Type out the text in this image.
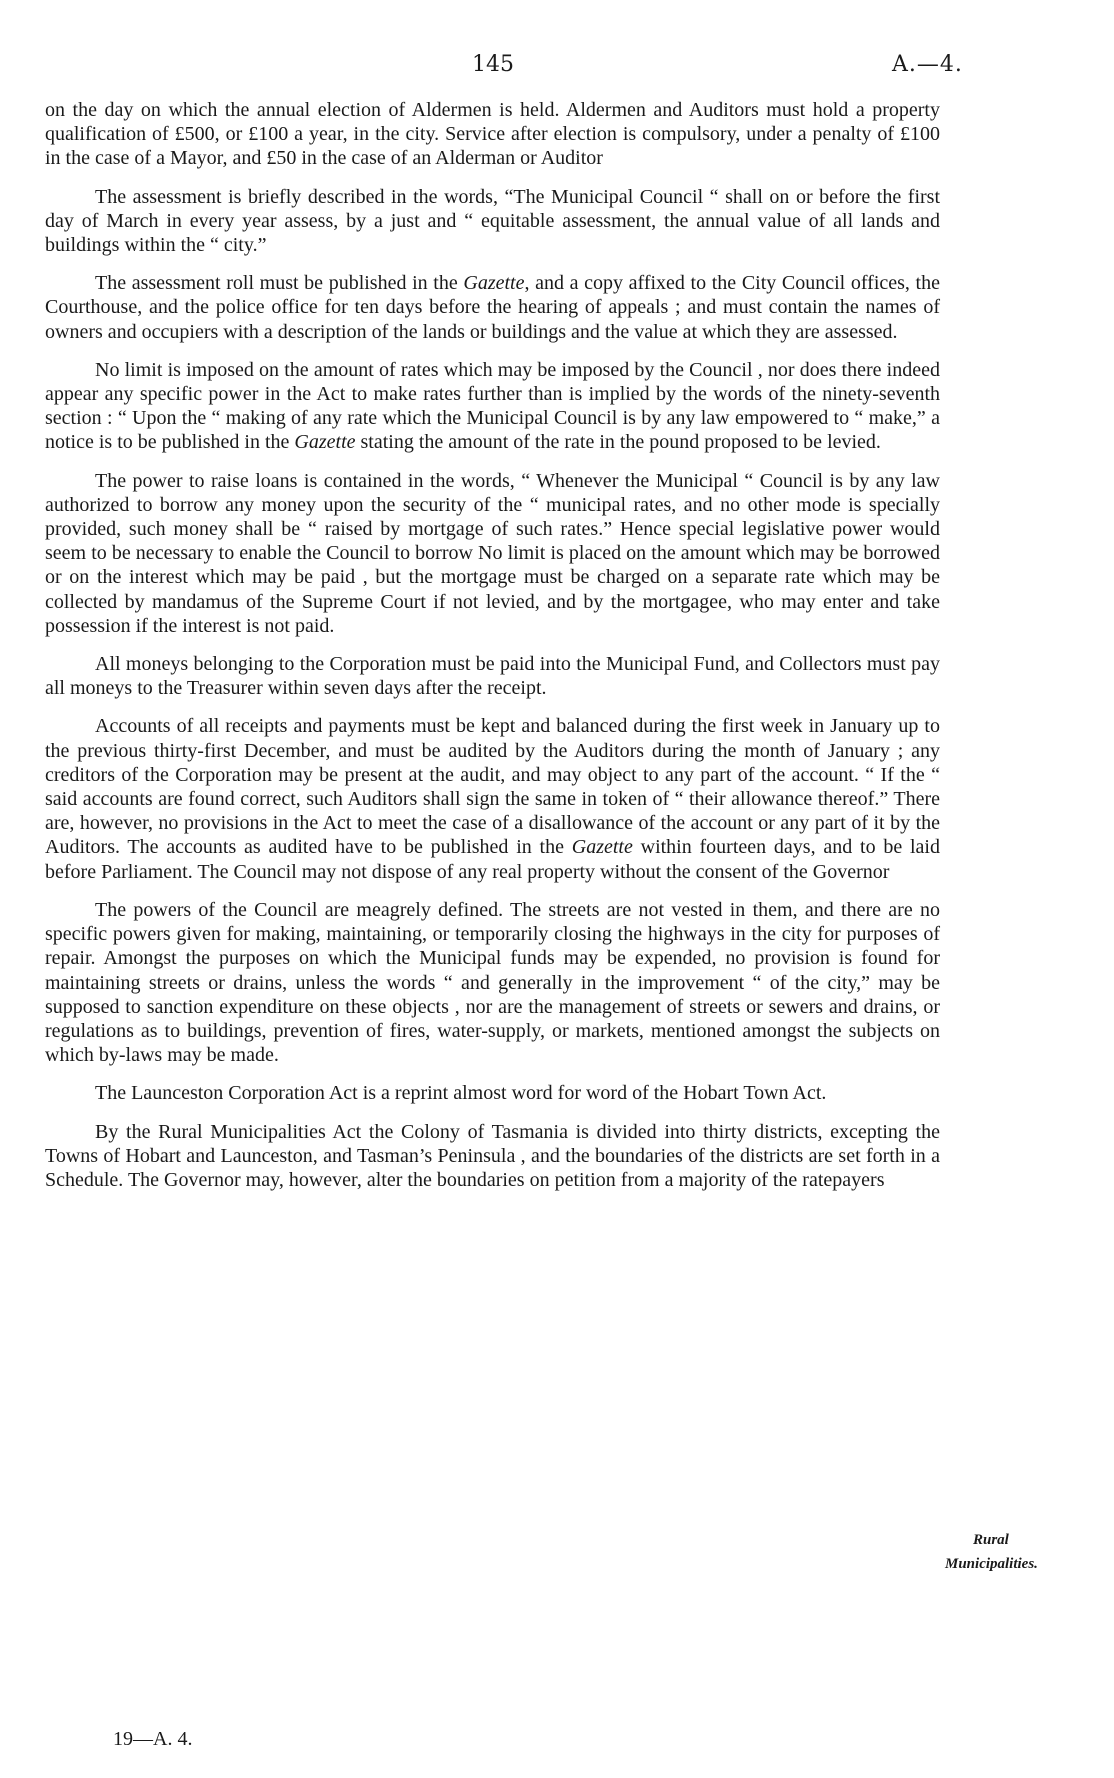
145	A.—4.

on the day on which the annual election of Aldermen is held. Aldermen and Auditors must hold a property qualification of £500, or £100 a year, in the city. Service after election is compulsory, under a penalty of £100 in the case of a Mayor, and £50 in the case of an Alderman or Auditor

The assessment is briefly described in the words, “The Municipal Council “ shall on or before the first day of March in every year assess, by a just and “ equitable assessment, the annual value of all lands and buildings within the “ city.”

The assessment roll must be published in the Gazette, and a copy affixed to the City Council offices, the Courthouse, and the police office for ten days before the hearing of appeals ; and must contain the names of owners and occupiers with a description of the lands or buildings and the value at which they are assessed.

No limit is imposed on the amount of rates which may be imposed by the Council , nor does there indeed appear any specific power in the Act to make rates further than is implied by the words of the ninety-seventh section : “ Upon the “ making of any rate which the Municipal Council is by any law empowered to “ make,” a notice is to be published in the Gazette stating the amount of the rate in the pound proposed to be levied.

The power to raise loans is contained in the words, “ Whenever the Municipal “ Council is by any law authorized to borrow any money upon the security of the “ municipal rates, and no other mode is specially provided, such money shall be “ raised by mortgage of such rates.” Hence special legislative power would seem to be necessary to enable the Council to borrow No limit is placed on the amount which may be borrowed or on the interest which may be paid , but the mortgage must be charged on a separate rate which may be collected by mandamus of the Supreme Court if not levied, and by the mortgagee, who may enter and take possession if the interest is not paid.

All moneys belonging to the Corporation must be paid into the Municipal Fund, and Collectors must pay all moneys to the Treasurer within seven days after the receipt.

Accounts of all receipts and payments must be kept and balanced during the first week in January up to the previous thirty-first December, and must be audited by the Auditors during the month of January ; any creditors of the Corporation may be present at the audit, and may object to any part of the account. “ If the “ said accounts are found correct, such Auditors shall sign the same in token of “ their allowance thereof.” There are, however, no provisions in the Act to meet the case of a disallowance of the account or any part of it by the Auditors. The accounts as audited have to be published in the Gazette within fourteen days, and to be laid before Parliament. The Council may not dispose of any real property without the consent of the Governor

The powers of the Council are meagrely defined. The streets are not vested in them, and there are no specific powers given for making, maintaining, or temporarily closing the highways in the city for purposes of repair. Amongst the purposes on which the Municipal funds may be expended, no provision is found for maintaining streets or drains, unless the words “ and generally in the improvement “ of the city,” may be supposed to sanction expenditure on these objects , nor are the management of streets or sewers and drains, or regulations as to buildings, prevention of fires, water-supply, or markets, mentioned amongst the subjects on which by-laws may be made.

The Launceston Corporation Act is a reprint almost word for word of the Hobart Town Act.

By the Rural Municipalities Act the Colony of Tasmania is divided into thirty districts, excepting the Towns of Hobart and Launceston, and Tasman’s Peninsula , and the boundaries of the districts are set forth in a Schedule. The Governor may, however, alter the boundaries on petition from a majority of the ratepayers

Rural
Municipalities.
19—A. 4.
